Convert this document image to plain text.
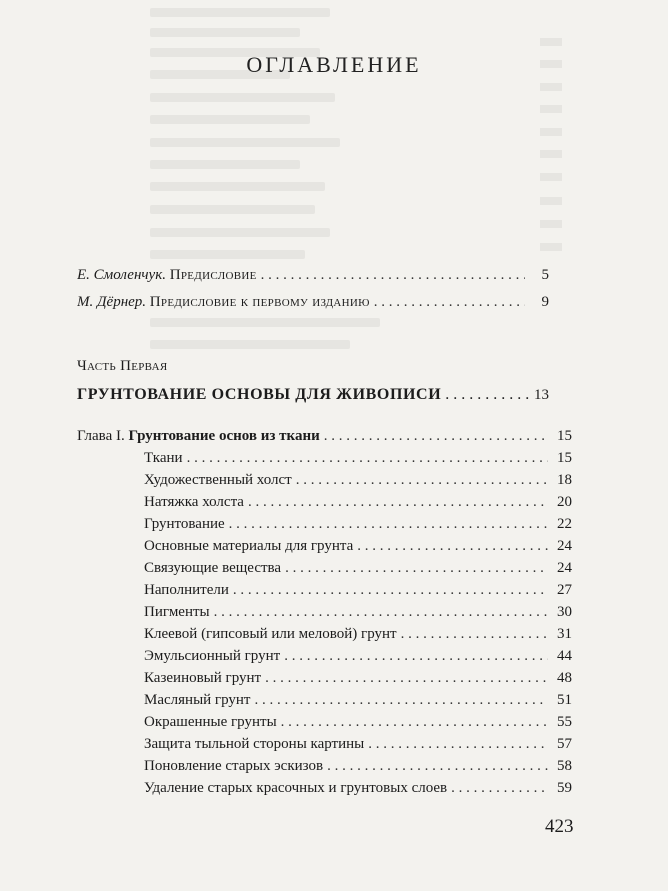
ОГЛАВЛЕНИЕ
Е. Смоленчук. Предисловие . . .	5
М. Дёрнер. Предисловие к первому изданию . . .	9
Часть Первая
ГРУНТОВАНИЕ ОСНОВЫ ДЛЯ ЖИВОПИСИ . . .	13
Глава I. Грунтование основ из ткани . . .	15
Ткани . . .	15
Художественный холст . . .	18
Натяжка холста . . .	20
Грунтование . . .	22
Основные материалы для грунта . . .	24
Связующие вещества . . .	24
Наполнители . . .	27
Пигменты . . .	30
Клеевой (гипсовый или меловой) грунт . . .	31
Эмульсионный грунт . . .	44
Казеиновый грунт . . .	48
Масляный грунт . . .	51
Окрашенные грунты . . .	55
Защита тыльной стороны картины . . .	57
Поновление старых эскизов . . .	58
Удаление старых красочных и грунтовых слоев . . .	59
423
